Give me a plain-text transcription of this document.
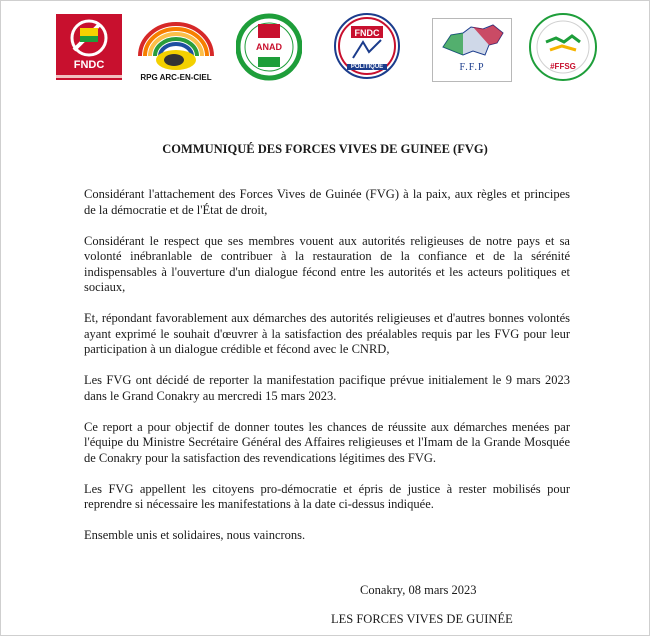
FNDC
RPG ARC-EN-CIEL
ANAD
FNDC
POLITIQUE	F.F.P	#FFSG
COMMUNIQUÉ DES FORCES VIVES DE GUINEE (FVG)

Considérant l'attachement des Forces Vives de Guinée (FVG) à la paix, aux règles et principes de la démocratie et de l'État de droit,

Considérant le respect que ses membres vouent aux autorités religieuses de notre pays et sa volonté inébranlable de contribuer à la restauration de la confiance et de la sérénité indispensables à l'ouverture d'un dialogue fécond entre les autorités et les acteurs politiques et sociaux,

Et, répondant favorablement aux démarches des autorités religieuses et d'autres bonnes volontés ayant exprimé le souhait d'œuvrer à la satisfaction des préalables requis par les FVG pour leur participation à un dialogue crédible et fécond avec le CNRD,

Les FVG ont décidé de reporter la manifestation pacifique prévue initialement le 9 mars 2023 dans le Grand Conakry au mercredi 15 mars 2023.

Ce report a pour objectif de donner toutes les chances de réussite aux démarches menées par l'équipe du Ministre Secrétaire Général des Affaires religieuses et l'Imam de la Grande Mosquée de Conakry pour la satisfaction des revendications légitimes des FVG.

Les FVG appellent les citoyens pro-démocratie et épris de justice à rester mobilisés pour reprendre si nécessaire les manifestations à la date ci-dessus indiquée.

Ensemble unis et solidaires, nous vaincrons.

Conakry, 08 mars 2023
LES FORCES VIVES DE GUINÉE
